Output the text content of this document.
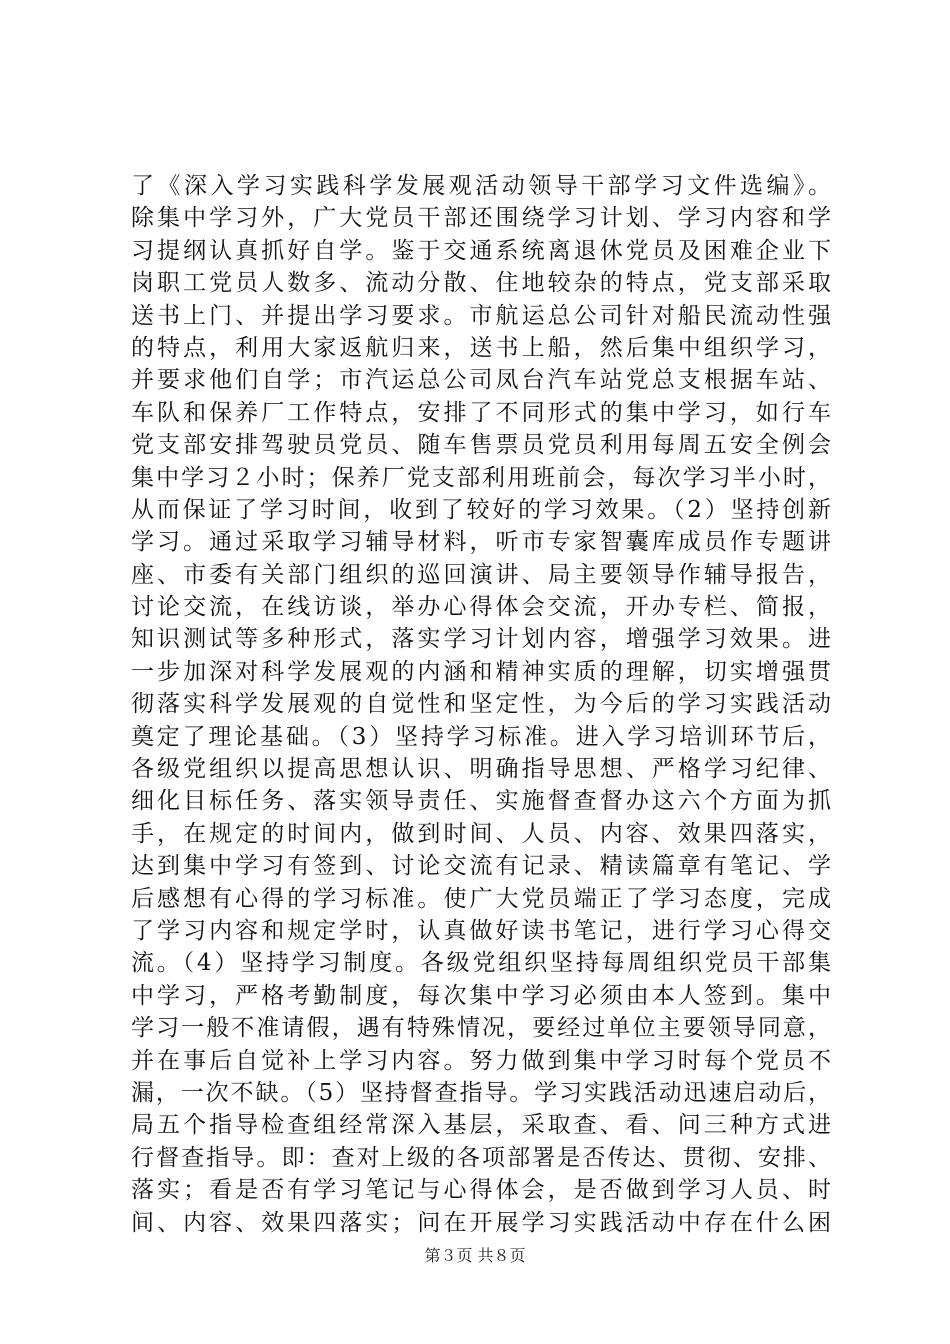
了《深入学习实践科学发展观活动领导干部学习文件选编》。
除集中学习外，广大党员干部还围绕学习计划、学习内容和学
习提纲认真抓好自学。鉴于交通系统离退休党员及困难企业下
岗职工党员人数多、流动分散、住地较杂的特点，党支部采取
送书上门、并提出学习要求。市航运总公司针对船民流动性强
的特点，利用大家返航归来，送书上船，然后集中组织学习，
并要求他们自学；市汽运总公司凤台汽车站党总支根据车站、
车队和保养厂工作特点，安排了不同形式的集中学习，如行车
党支部安排驾驶员党员、随车售票员党员利用每周五安全例会
集中学习２小时；保养厂党支部利用班前会，每次学习半小时，
从而保证了学习时间，收到了较好的学习效果。（2）坚持创新
学习。通过采取学习辅导材料，听市专家智囊库成员作专题讲
座、市委有关部门组织的巡回演讲、局主要领导作辅导报告，
讨论交流，在线访谈，举办心得体会交流，开办专栏、简报，
知识测试等多种形式，落实学习计划内容，增强学习效果。进
一步加深对科学发展观的内涵和精神实质的理解，切实增强贯
彻落实科学发展观的自觉性和坚定性，为今后的学习实践活动
奠定了理论基础。（3）坚持学习标准。进入学习培训环节后，
各级党组织以提高思想认识、明确指导思想、严格学习纪律、
细化目标任务、落实领导责任、实施督查督办这六个方面为抓
手，在规定的时间内，做到时间、人员、内容、效果四落实，
达到集中学习有签到、讨论交流有记录、精读篇章有笔记、学
后感想有心得的学习标准。使广大党员端正了学习态度，完成
了学习内容和规定学时，认真做好读书笔记，进行学习心得交
流。（4）坚持学习制度。各级党组织坚持每周组织党员干部集
中学习，严格考勤制度，每次集中学习必须由本人签到。集中
学习一般不准请假，遇有特殊情况，要经过单位主要领导同意，
并在事后自觉补上学习内容。努力做到集中学习时每个党员不
漏，一次不缺。（5）坚持督查指导。学习实践活动迅速启动后，
局五个指导检查组经常深入基层，采取查、看、问三种方式进
行督查指导。即：查对上级的各项部署是否传达、贯彻、安排、
落实；看是否有学习笔记与心得体会，是否做到学习人员、时
间、内容、效果四落实；问在开展学习实践活动中存在什么困
第３页 共８页
